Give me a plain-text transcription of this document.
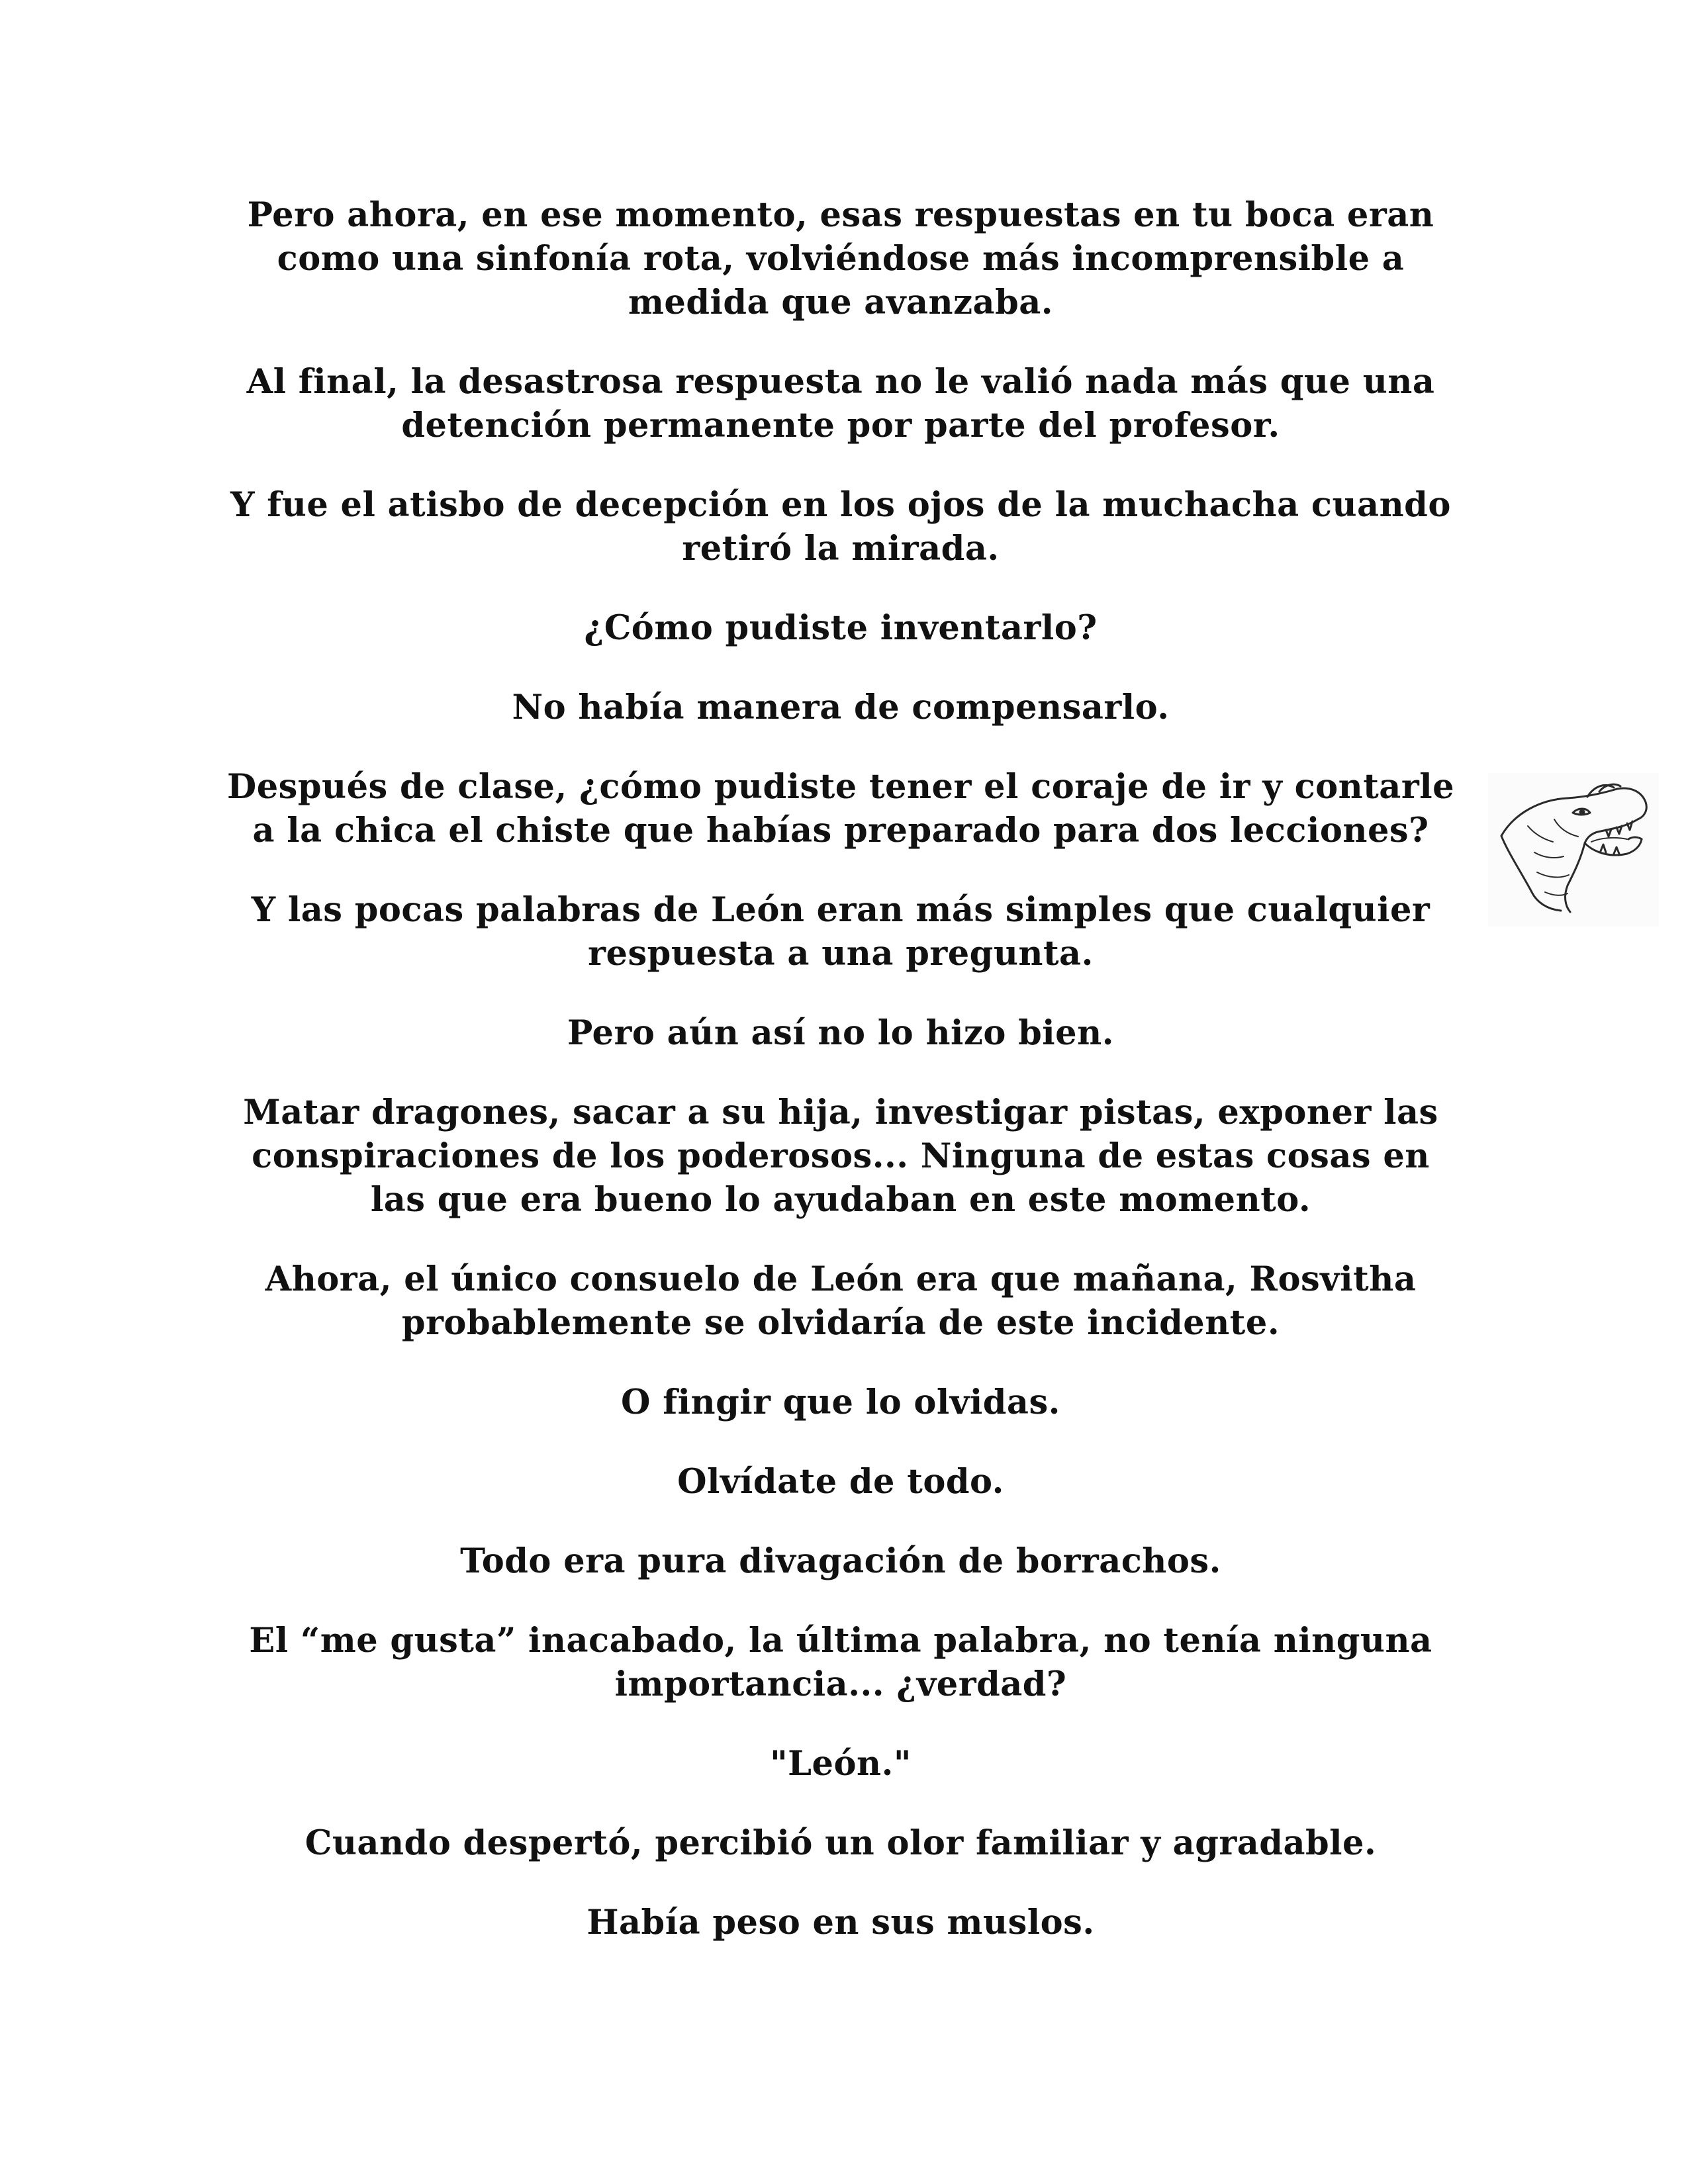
Pero ahora, en ese momento, esas respuestas en tu boca eran como una sinfonía rota, volviéndose más incomprensible a medida que avanzaba.

Al final, la desastrosa respuesta no le valió nada más que una detención permanente por parte del profesor.

Y fue el atisbo de decepción en los ojos de la muchacha cuando retiró la mirada.

¿Cómo pudiste inventarlo?

No había manera de compensarlo.

Después de clase, ¿cómo pudiste tener el coraje de ir y contarle a la chica el chiste que habías preparado para dos lecciones?

Y las pocas palabras de León eran más simples que cualquier respuesta a una pregunta.

Pero aún así no lo hizo bien.

Matar dragones, sacar a su hija, investigar pistas, exponer las conspiraciones de los poderosos... Ninguna de estas cosas en las que era bueno lo ayudaban en este momento.

Ahora, el único consuelo de León era que mañana, Rosvitha probablemente se olvidaría de este incidente.

O fingir que lo olvidas.

Olvídate de todo.

Todo era pura divagación de borrachos.

El “me gusta” inacabado, la última palabra, no tenía ninguna importancia... ¿verdad?

"León."

Cuando despertó, percibió un olor familiar y agradable.

Había peso en sus muslos.
